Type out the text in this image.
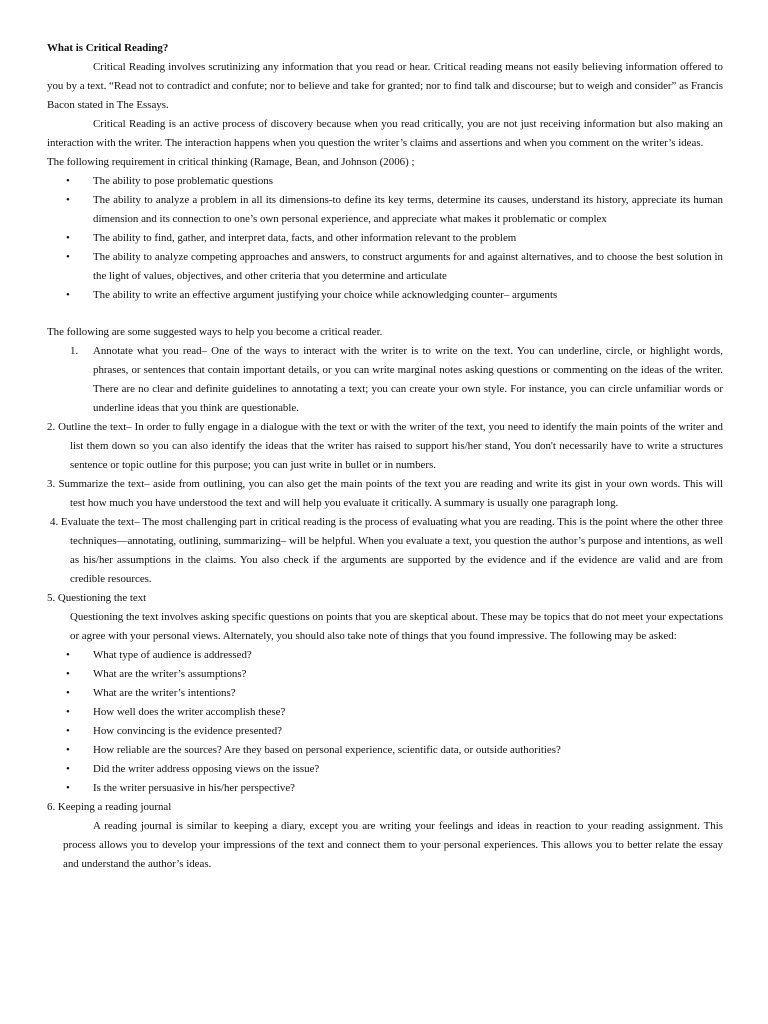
What is Critical Reading?

Critical Reading involves scrutinizing any information that you read or hear. Critical reading means not easily believing information offered to you by a text. “Read not to contradict and confute; nor to believe and take for granted; nor to find talk and discourse; but to weigh and consider” as Francis Bacon stated in The Essays.

Critical Reading is an active process of discovery because when you read critically, you are not just receiving information but also making an interaction with the writer. The interaction happens when you question the writer’s claims and assertions and when you comment on the writer’s ideas.

The following requirement in critical thinking (Ramage, Bean, and Johnson (2006) ;

• The ability to pose problematic questions
• The ability to analyze a problem in all its dimensions-to define its key terms, determine its causes, understand its history, appreciate its human dimension and its connection to one’s own personal experience, and appreciate what makes it problematic or complex
• The ability to find, gather, and interpret data, facts, and other information relevant to the problem
• The ability to analyze competing approaches and answers, to construct arguments for and against alternatives, and to choose the best solution in the light of values, objectives, and other criteria that you determine and articulate
• The ability to write an effective argument justifying your choice while acknowledging counter– arguments

The following are some suggested ways to help you become a critical reader.

1. Annotate what you read– One of the ways to interact with the writer is to write on the text. You can underline, circle, or highlight words, phrases, or sentences that contain important details, or you can write marginal notes asking questions or commenting on the ideas of the writer. There are no clear and definite guidelines to annotating a text; you can create your own style. For instance, you can circle unfamiliar words or underline ideas that you think are questionable.

2. Outline the text– In order to fully engage in a dialogue with the text or with the writer of the text, you need to identify the main points of the writer and list them down so you can also identify the ideas that the writer has raised to support his/her stand, You don't necessarily have to write a structures sentence or topic outline for this purpose; you can just write in bullet or in numbers.

3. Summarize the text– aside from outlining, you can also get the main points of the text you are reading and write its gist in your own words. This will test how much you have understood the text and will help you evaluate it critically. A summary is usually one paragraph long.

4. Evaluate the text– The most challenging part in critical reading is the process of evaluating what you are reading. This is the point where the other three techniques—annotating, outlining, summarizing– will be helpful. When you evaluate a text, you question the author’s purpose and intentions, as well as his/her assumptions in the claims. You also check if the arguments are supported by the evidence and if the evidence are valid and are from credible resources.

5. Questioning the text

Questioning the text involves asking specific questions on points that you are skeptical about. These may be topics that do not meet your expectations or agree with your personal views. Alternately, you should also take note of things that you found impressive. The following may be asked:

• What type of audience is addressed?
• What are the writer’s assumptions?
• What are the writer’s intentions?
• How well does the writer accomplish these?
• How convincing is the evidence presented?
• How reliable are the sources? Are they based on personal experience, scientific data, or outside authorities?
• Did the writer address opposing views on the issue?
• Is the writer persuasive in his/her perspective?

6. Keeping a reading journal

A reading journal is similar to keeping a diary, except you are writing your feelings and ideas in reaction to your reading assignment. This process allows you to develop your impressions of the text and connect them to your personal experiences. This allows you to better relate the essay and understand the author’s ideas.
